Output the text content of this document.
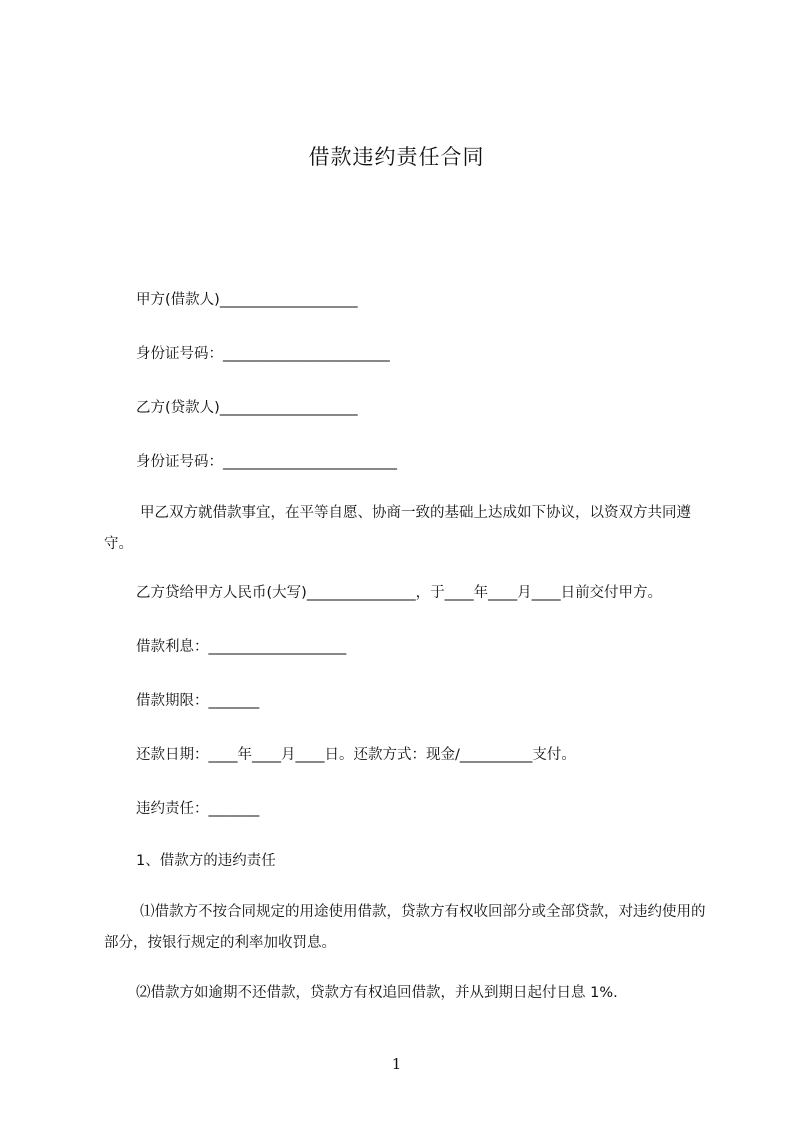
借款违约责任合同
甲方(借款人)___________________
身份证号码：_______________________
乙方(贷款人)___________________
身份证号码：________________________
甲乙双方就借款事宜，在平等自愿、协商一致的基础上达成如下协议，以资双方共同遵守。
乙方贷给甲方人民币(大写)_______________，于____年____月____日前交付甲方。
借款利息：___________________
借款期限：_______
还款日期：____年____月____日。还款方式：现金/__________支付。
违约责任：_______
1、借款方的违约责任
⑴借款方不按合同规定的用途使用借款，贷款方有权收回部分或全部贷款，对违约使用的部分，按银行规定的利率加收罚息。
⑵借款方如逾期不还借款，贷款方有权追回借款，并从到期日起付日息 1%.
1
